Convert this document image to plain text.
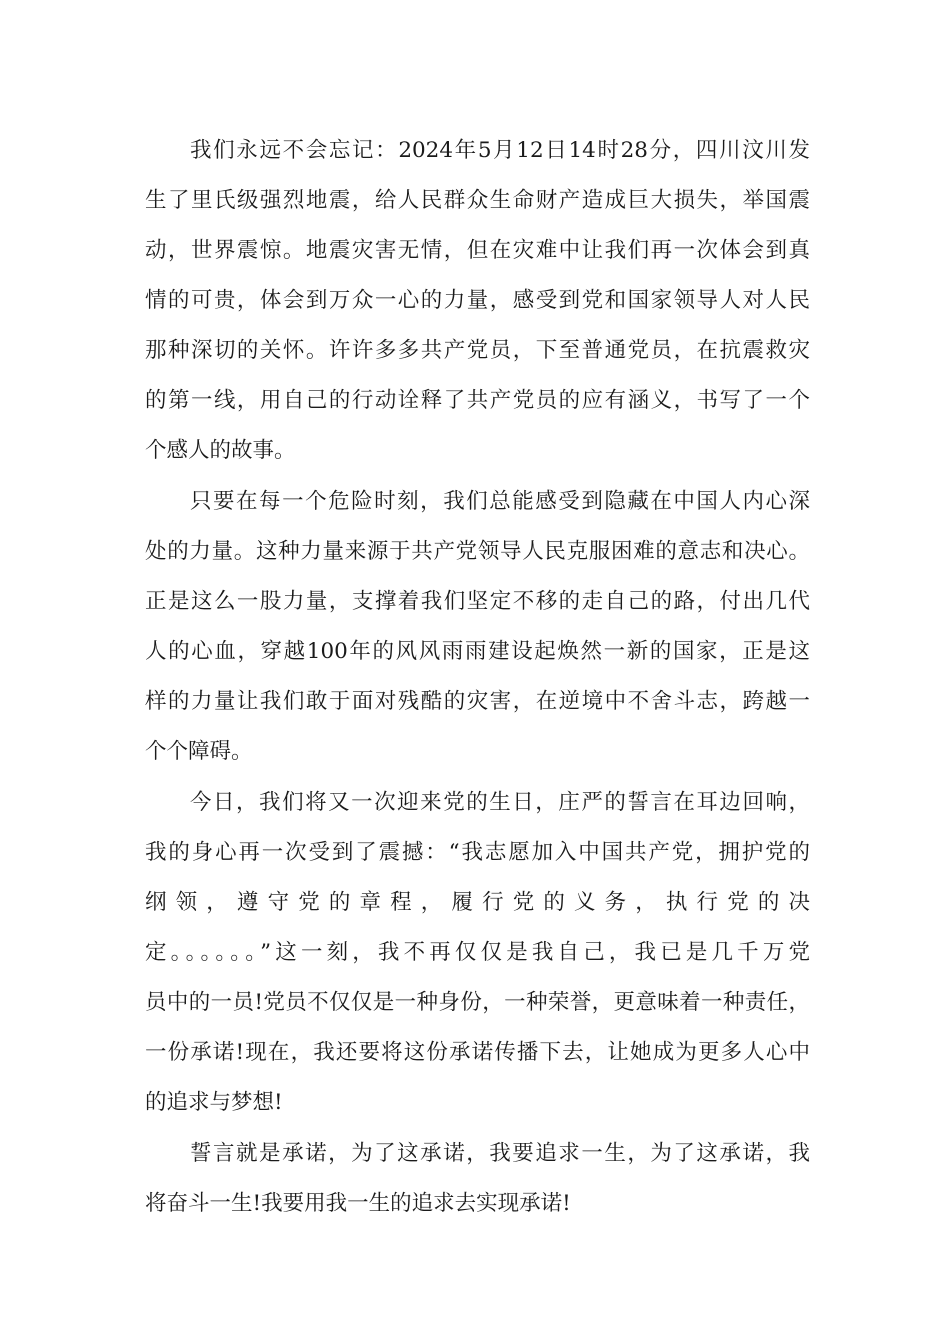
我们永远不会忘记：2024年5月12日14时28分，四川汶川发
生了里氏级强烈地震，给人民群众生命财产造成巨大损失，举国震
动，世界震惊。地震灾害无情，但在灾难中让我们再一次体会到真
情的可贵，体会到万众一心的力量，感受到党和国家领导人对人民
那种深切的关怀。许许多多共产党员，下至普通党员，在抗震救灾
的第一线，用自己的行动诠释了共产党员的应有涵义，书写了一个
个感人的故事。
只要在每一个危险时刻，我们总能感受到隐藏在中国人内心深
处的力量。这种力量来源于共产党领导人民克服困难的意志和决心。
正是这么一股力量，支撑着我们坚定不移的走自己的路，付出几代
人的心血，穿越100年的风风雨雨建设起焕然一新的国家，正是这
样的力量让我们敢于面对残酷的灾害，在逆境中不舍斗志，跨越一
个个障碍。
今日，我们将又一次迎来党的生日，庄严的誓言在耳边回响，
我的身心再一次受到了震撼：“我志愿加入中国共产党，拥护党的
纲领，遵守党的章程，履行党的义务，执行党的决
定。。。。。。”这一刻，我不再仅仅是我自己，我已是几千万党
员中的一员!党员不仅仅是一种身份，一种荣誉，更意味着一种责任，
一份承诺!现在，我还要将这份承诺传播下去，让她成为更多人心中
的追求与梦想!
誓言就是承诺，为了这承诺，我要追求一生，为了这承诺，我
将奋斗一生!我要用我一生的追求去实现承诺!
